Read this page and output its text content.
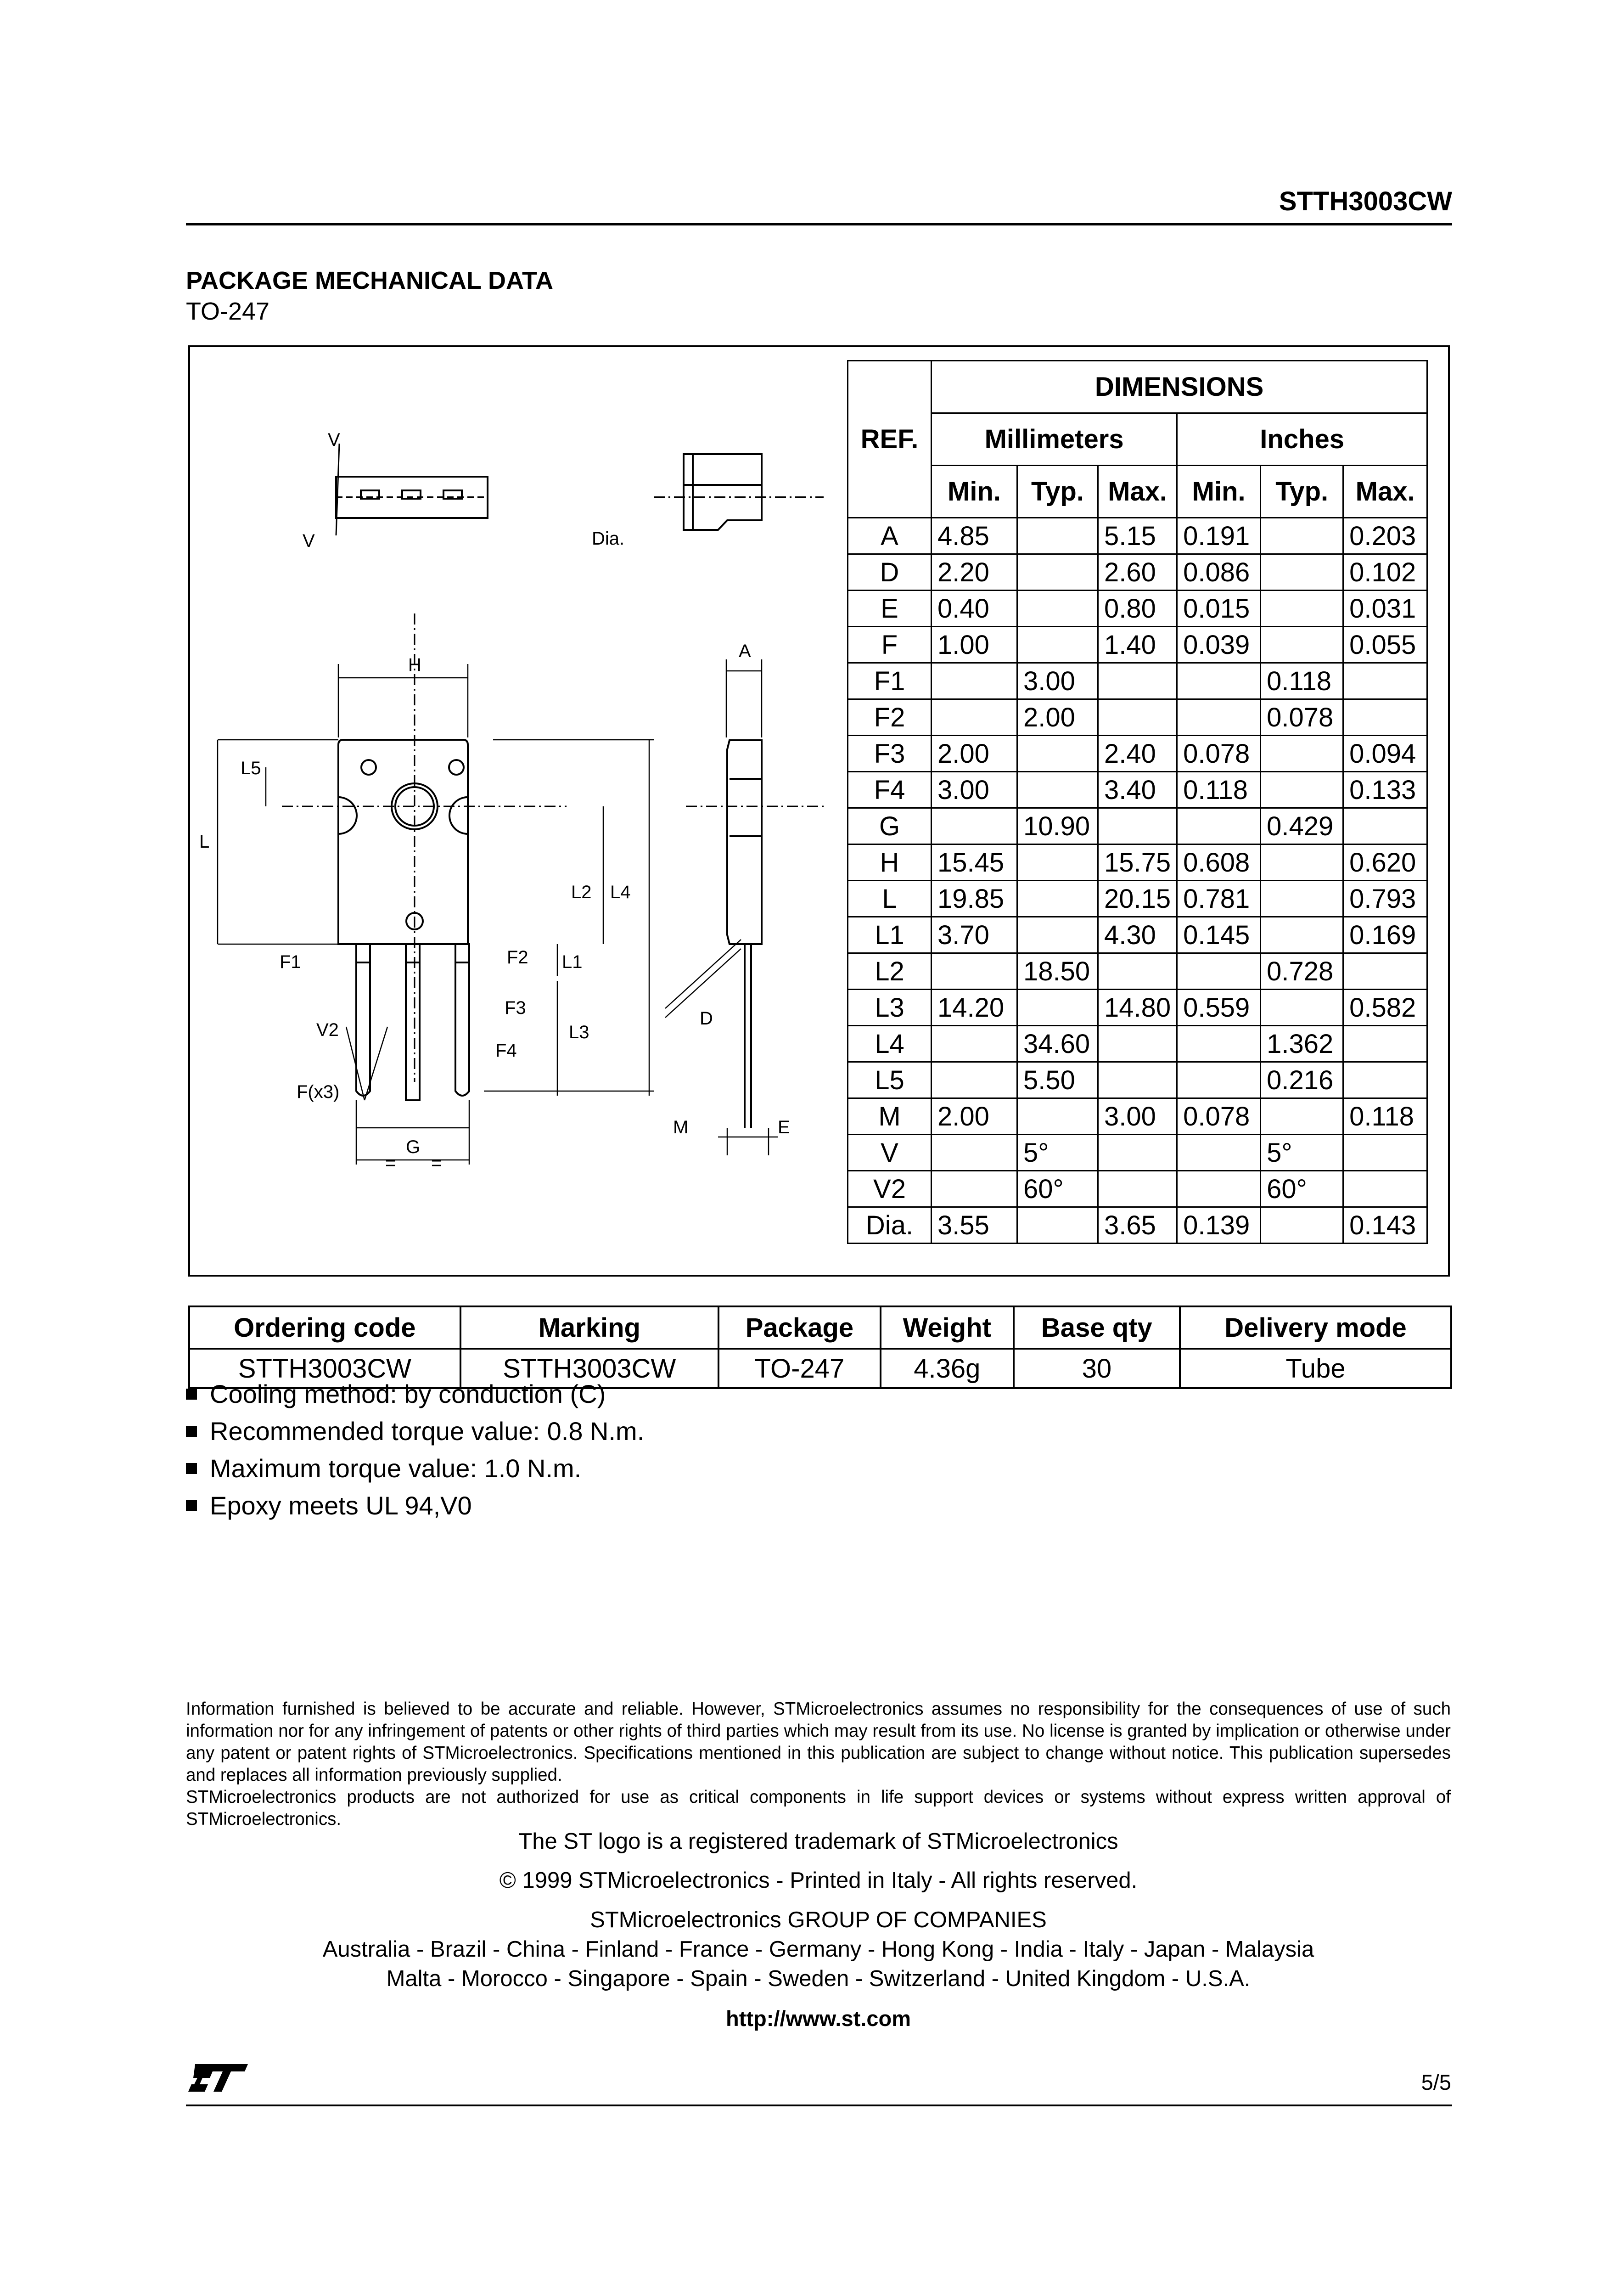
STTH3003CW
PACKAGE MECHANICAL DATA
TO-247
V
V	Dia.
H
A
L5
L
L2 L4
F1	F2 L1
F3
V2
F4
L3
D
F(x3)
G
= =
M	E
REF.	DIMENSIONS					
	Millimeters			Inches		
	Min.	Typ.	Max.	Min.	Typ.	Max.
A	4.85		5.15	0.191		0.203
D	2.20		2.60	0.086		0.102
E	0.40		0.80	0.015		0.031
F	1.00		1.40	0.039		0.055
F1		3.00			0.118	
F2		2.00			0.078	
F3	2.00		2.40	0.078		0.094
F4	3.00		3.40	0.118		0.133
G		10.90			0.429	
H	15.45		15.75	0.608		0.620
L	19.85		20.15	0.781		0.793
L1	3.70		4.30	0.145		0.169
L2		18.50			0.728	
L3	14.20		14.80	0.559		0.582
L4		34.60			1.362	
L5		5.50			0.216	
M	2.00		3.00	0.078		0.118
V		5°			5°	
V2		60°			60°	
Dia.	3.55		3.65	0.139		0.143
Ordering code	Marking	Package	Weight	Base qty	Delivery mode
STTH3003CW	STTH3003CW	TO-247	4.36g	30	Tube
Cooling method: by conduction (C)
Recommended torque value: 0.8 N.m.
Maximum torque value: 1.0 N.m.
Epoxy meets UL 94,V0
Information furnished is believed to be accurate and reliable. However, STMicroelectronics assumes no responsibility for the consequences of use of such information nor for any infringement of patents or other rights of third parties which may result from its use. No license is granted by implication or otherwise under any patent or patent rights of STMicroelectronics. Specifications mentioned in this publication are subject to change without notice. This publication supersedes and replaces all information previously supplied.
STMicroelectronics products are not authorized for use as critical components in life support devices or systems without express written approval of STMicroelectronics.
The ST logo is a registered trademark of STMicroelectronics
© 1999 STMicroelectronics - Printed in Italy - All rights reserved.
STMicroelectronics GROUP OF COMPANIES
Australia - Brazil - China - Finland - France - Germany - Hong Kong - India - Italy - Japan - Malaysia
Malta - Morocco - Singapore - Spain - Sweden - Switzerland - United Kingdom - U.S.A.
http://www.st.com
5/5
